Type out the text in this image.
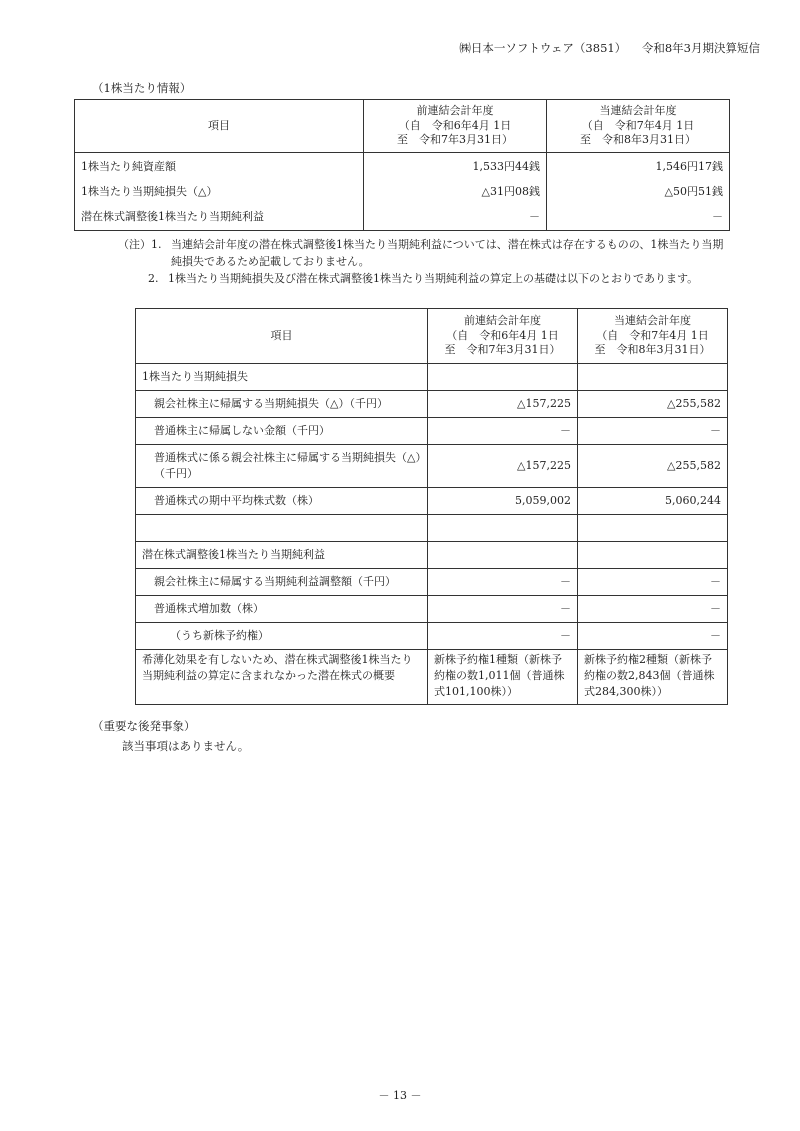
㈱日本一ソフトウェア（3851） 令和8年3月期決算短信
（1株当たり情報）
項目	前連結会計年度
（自　令和6年4月 1日
至　令和7年3月31日）	当連結会計年度
（自　令和7年4月 1日
至　令和8年3月31日）

1株当たり純資産額	1,533円44銭	1,546円17銭
1株当たり当期純損失（△）	△31円08銭	△50円51銭
潜在株式調整後1株当たり当期純利益	－	－
（注） 1. 当連結会計年度の潜在株式調整後1株当たり当期純利益については、潜在株式は存在するものの、1株当たり当期純損失であるため記載しておりません。
2. 1株当たり当期純損失及び潜在株式調整後1株当たり当期純利益の算定上の基礎は以下のとおりであります。
項目	前連結会計年度
（自　令和6年4月 1日
至　令和7年3月31日）	当連結会計年度
（自　令和7年4月 1日
至　令和8年3月31日）

1株当たり当期純損失		
親会社株主に帰属する当期純損失（△）（千円）	△157,225	△255,582
普通株主に帰属しない金額（千円）	－	－
普通株式に係る親会社株主に帰属する当期純損失（△）（千円）	△157,225	△255,582
普通株式の期中平均株式数（株）	5,059,002	5,060,244

潜在株式調整後1株当たり当期純利益		
親会社株主に帰属する当期純利益調整額（千円）	－	－
普通株式増加数（株）	－	－
（うち新株予約権）	－	－
希薄化効果を有しないため、潜在株式調整後1株当たり当期純利益の算定に含まれなかった潜在株式の概要	新株予約権1種類（新株予約権の数1,011個（普通株式101,100株））	新株予約権2種類（新株予約権の数2,843個（普通株式284,300株））
（重要な後発事象）
該当事項はありません。
－ 13 －
